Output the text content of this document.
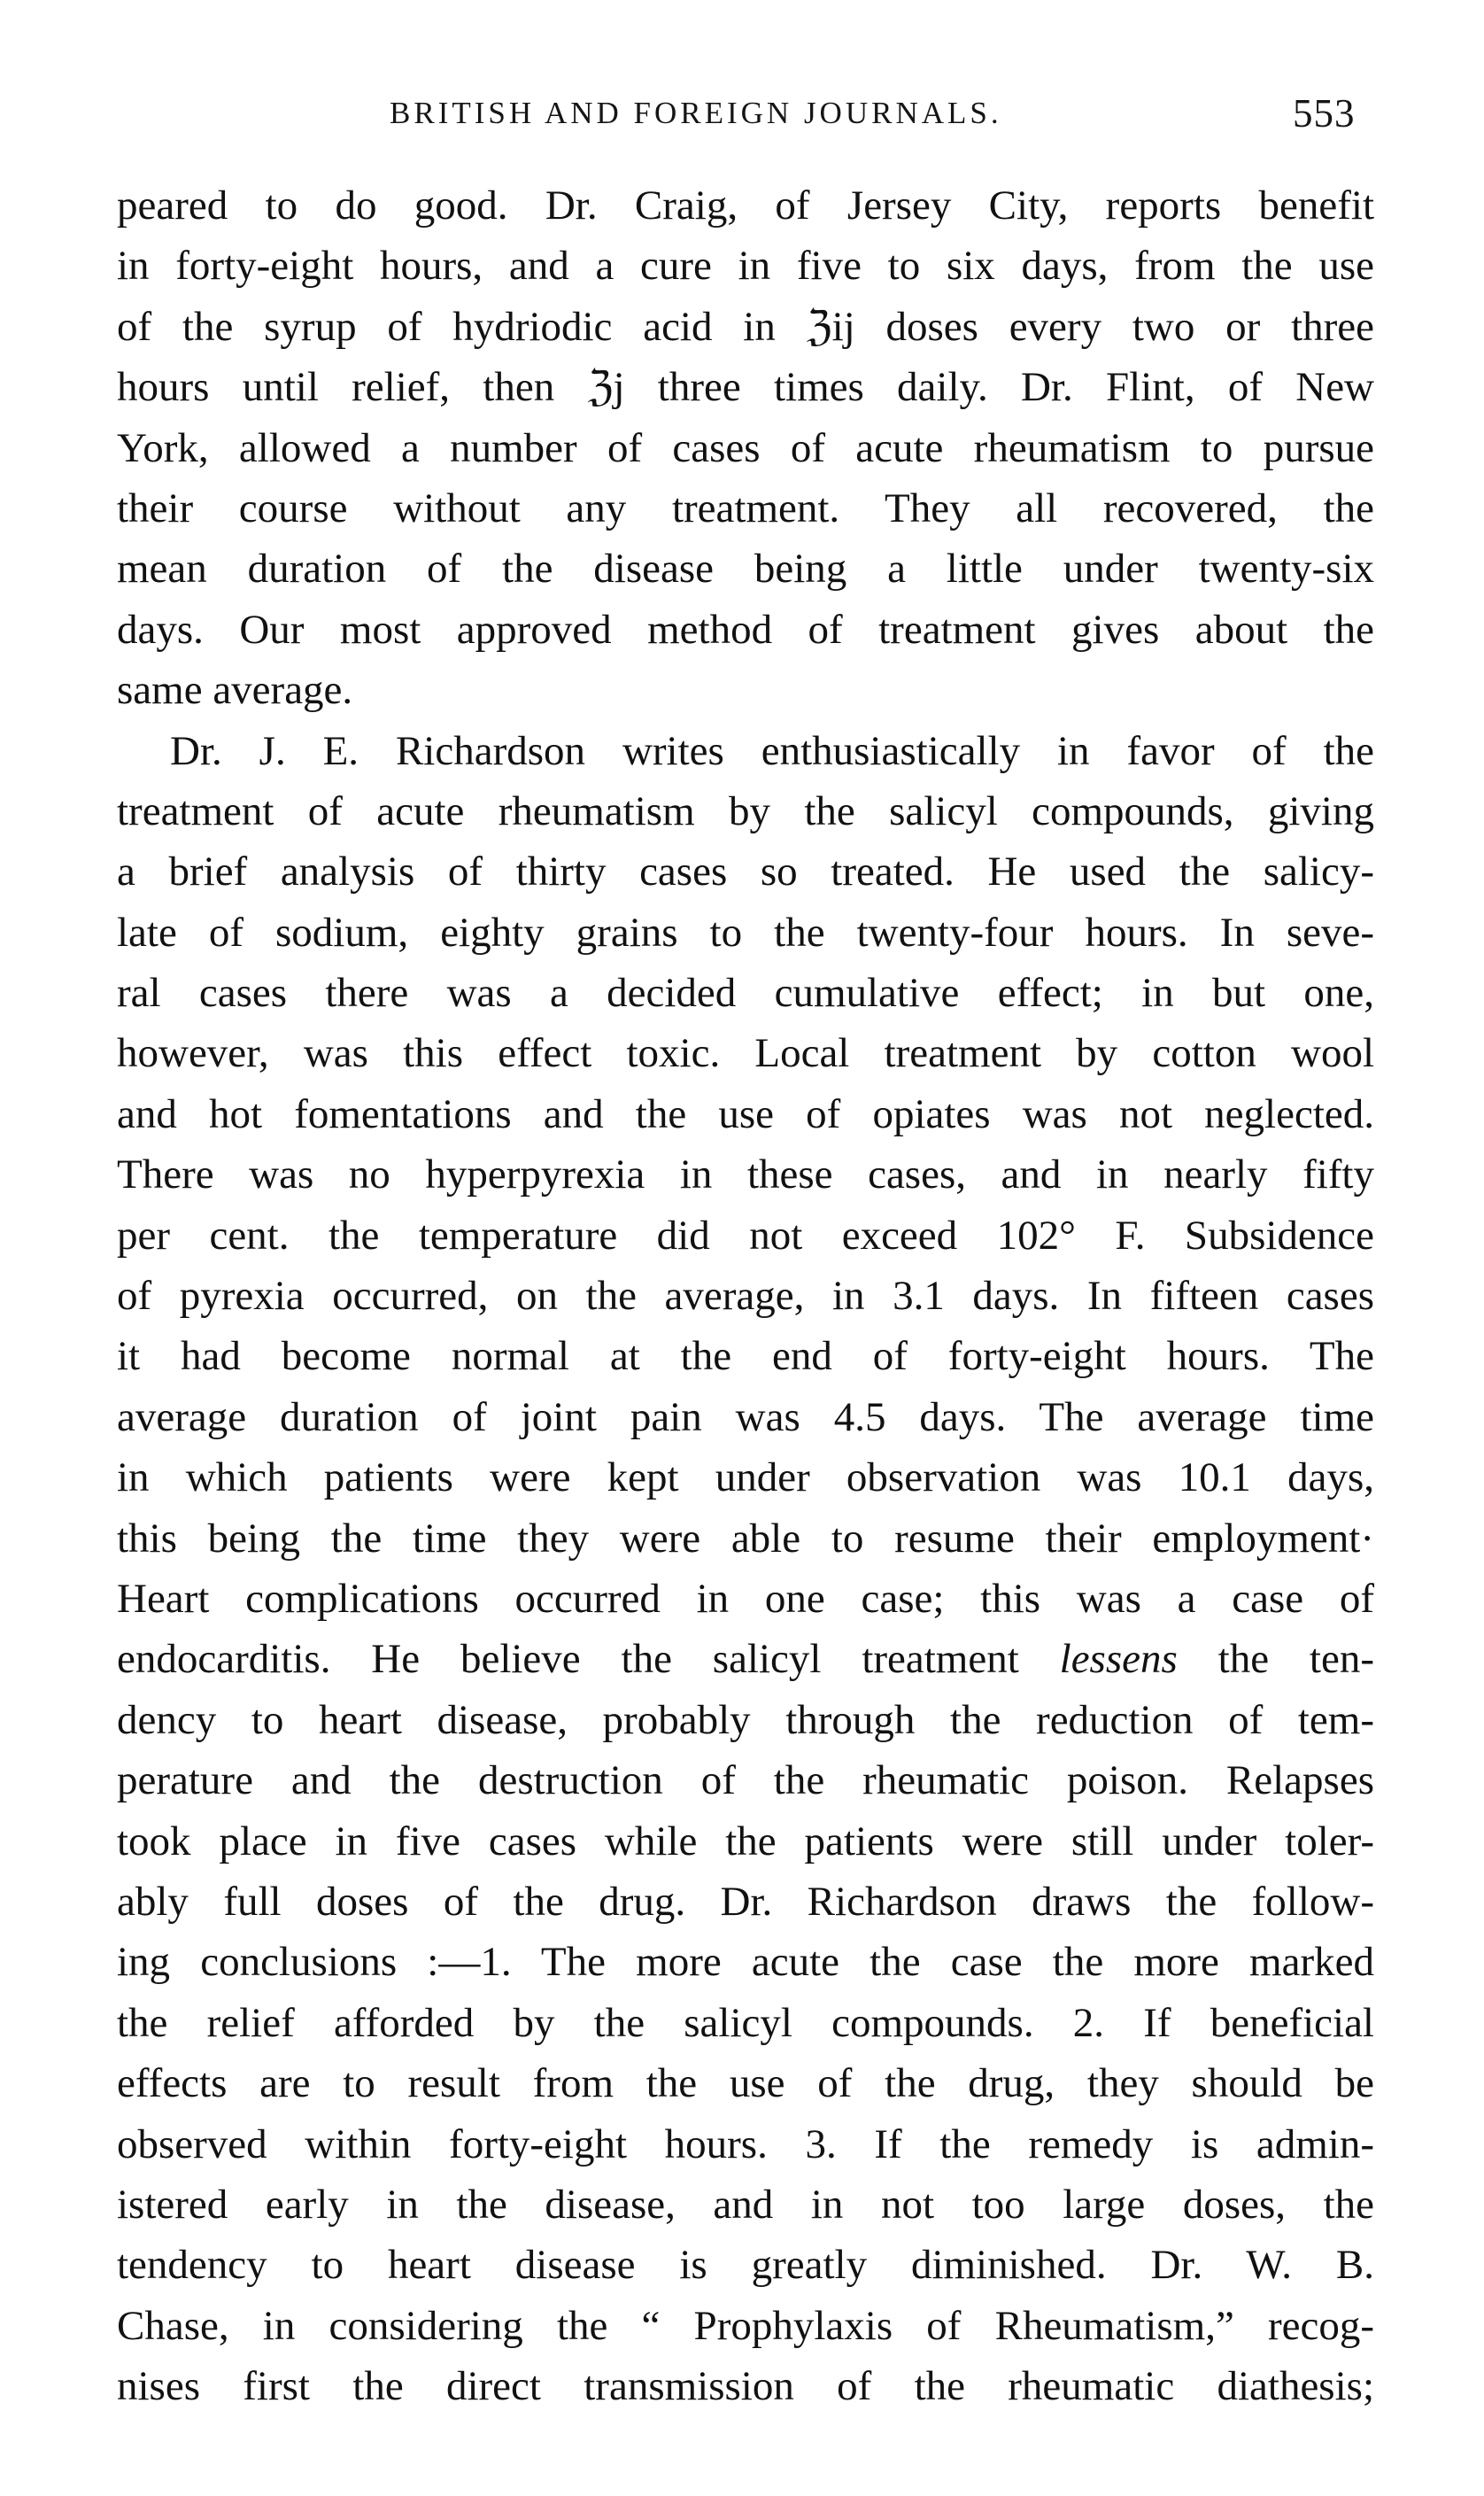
BRITISH AND FOREIGN JOURNALS.	553
peared to do good. Dr. Craig, of Jersey City, reports benefit
in forty-eight hours, and a cure in five to six days, from the use
of the syrup of hydriodic acid in ℨij doses every two or three
hours until relief, then ℨj three times daily. Dr. Flint, of New
York, allowed a number of cases of acute rheumatism to pursue
their course without any treatment. They all recovered, the
mean duration of the disease being a little under twenty-six
days. Our most approved method of treatment gives about the
same average.
Dr. J. E. Richardson writes enthusiastically in favor of the
treatment of acute rheumatism by the salicyl compounds, giving
a brief analysis of thirty cases so treated. He used the salicy-
late of sodium, eighty grains to the twenty-four hours. In seve-
ral cases there was a decided cumulative effect; in but one,
however, was this effect toxic. Local treatment by cotton wool
and hot fomentations and the use of opiates was not neglected.
There was no hyperpyrexia in these cases, and in nearly fifty
per cent. the temperature did not exceed 102° F. Subsidence
of pyrexia occurred, on the average, in 3.1 days. In fifteen cases
it had become normal at the end of forty-eight hours. The
average duration of joint pain was 4.5 days. The average time
in which patients were kept under observation was 10.1 days,
this being the time they were able to resume their employment·
Heart complications occurred in one case; this was a case of
endocarditis. He believe the salicyl treatment lessens the ten-
dency to heart disease, probably through the reduction of tem-
perature and the destruction of the rheumatic poison. Relapses
took place in five cases while the patients were still under toler-
ably full doses of the drug. Dr. Richardson draws the follow-
ing conclusions :—1. The more acute the case the more marked
the relief afforded by the salicyl compounds. 2. If beneficial
effects are to result from the use of the drug, they should be
observed within forty-eight hours. 3. If the remedy is admin-
istered early in the disease, and in not too large doses, the
tendency to heart disease is greatly diminished. Dr. W. B.
Chase, in considering the “ Prophylaxis of Rheumatism,” recog-
nises first the direct transmission of the rheumatic diathesis;
